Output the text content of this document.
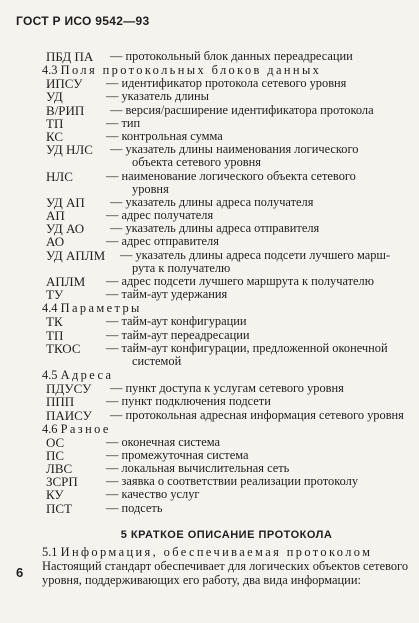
ГОСТ Р ИСО 9542—93
ПБД ПА	— протокольный блок данных переадресации
4.3 Поля протокольных блоков данных
ИПСУ	— идентификатор протокола сетевого уровня
УД	— указатель длины
В/РИП	— версия/расширение идентификатора протокола
ТП	— тип
КС	— контрольная сумма
УД НЛС	— указатель длины наименования логического
объекта сетевого уровня
НЛС	— наименование логического объекта сетевого
уровня
УД АП	— указатель длины адреса получателя
АП	— адрес получателя
УД АО	— указатель длины адреса отправителя
АО	— адрес отправителя
УД АПЛМ	— указатель длины адреса подсети лучшего марш-
рута к получателю
АПЛМ	— адрес подсети лучшего маршрута к получателю
ТУ	— тайм-аут удержания
4.4 Параметры
ТК	— тайм-аут конфигурации
ТП	— тайм-аут переадресации
ТКОС	— тайм-аут конфигурации, предложенной оконечной
системой
4.5 Адреса
ПДУСУ	— пункт доступа к услугам сетевого уровня
ППП	— пункт подключения подсети
ПАИСУ	— протокольная адресная информация сетевого уровня
4.6 Разное
ОС	— оконечная система
ПС	— промежуточная система
ЛВС	— локальная вычислительная сеть
ЗСРП	— заявка о соответствии реализации протоколу
КУ	— качество услуг
ПСТ	— подсеть
5 КРАТКОЕ ОПИСАНИЕ ПРОТОКОЛА
5.1 Информация, обеспечиваемая протоколом
Настоящий стандарт обеспечивает для логических объектов сетевого уровня, поддерживающих его работу, два вида информации:
6
